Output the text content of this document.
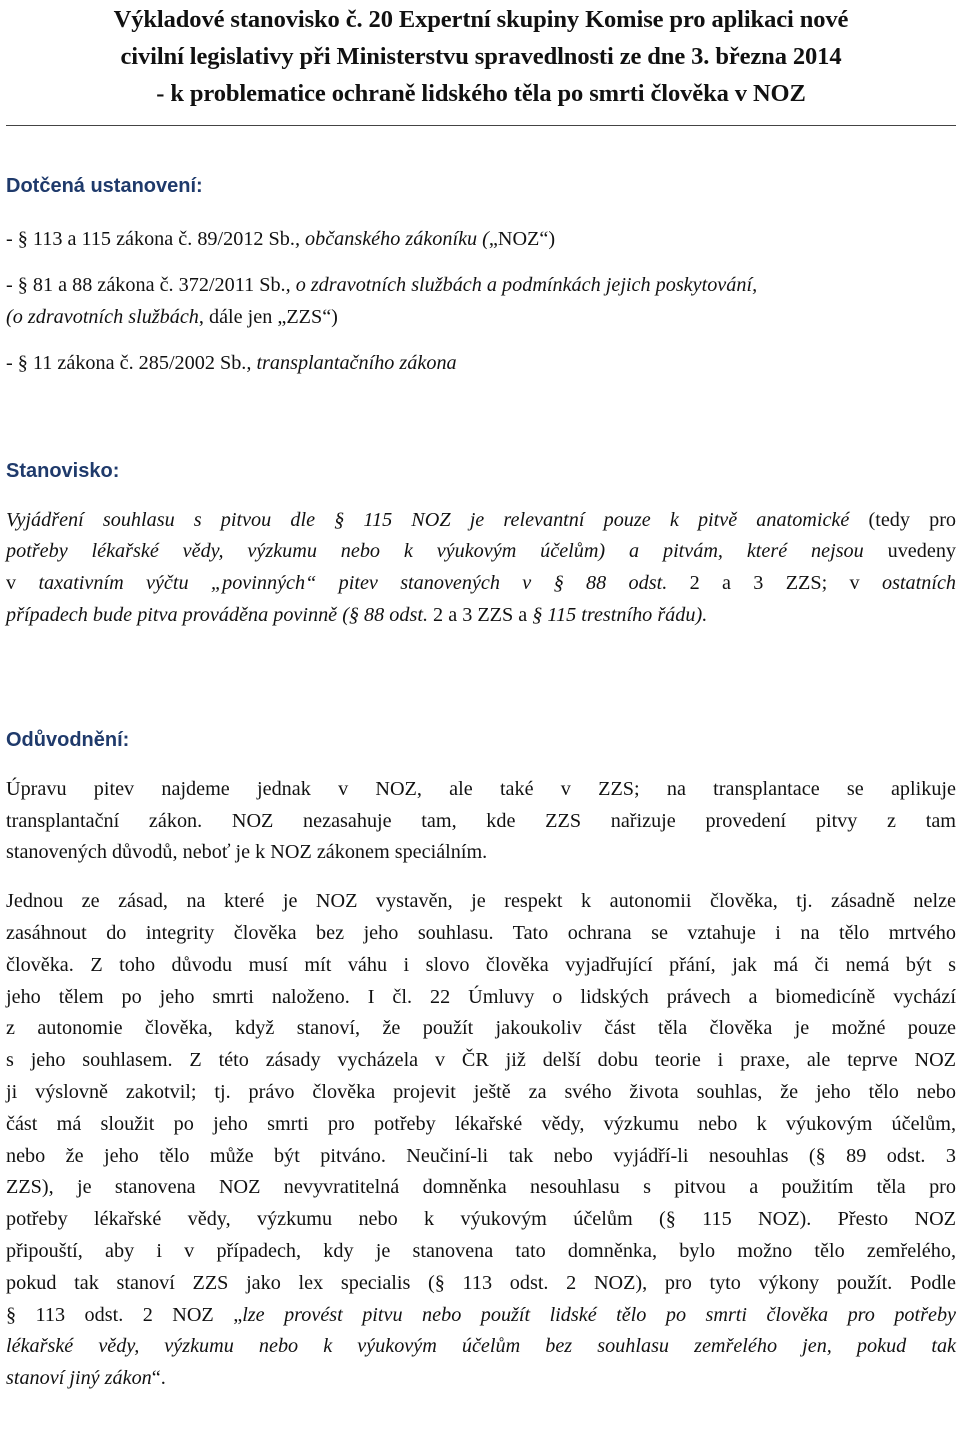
Výkladové stanovisko č. 20 Expertní skupiny Komise pro aplikaci nové
civilní legislativy při Ministerstvu spravedlnosti ze dne 3. března 2014
- k problematice ochraně lidského těla po smrti člověka v NOZ
Dotčená ustanovení:

- § 113 a 115 zákona č. 89/2012 Sb., občanského zákoníku („NOZ“)

- § 81 a 88 zákona č. 372/2011 Sb., o zdravotních službách a podmínkách jejich poskytování,
(o zdravotních službách, dále jen „ZZS“)

- § 11 zákona č. 285/2002 Sb., transplantačního zákona

Stanovisko:

Vyjádření souhlasu s pitvou dle § 115 NOZ je relevantní pouze k pitvě anatomické (tedy pro
potřeby lékařské vědy, výzkumu nebo k výukovým účelům) a pitvám, které nejsou uvedeny
v taxativním výčtu „povinných“ pitev stanovených v § 88 odst. 2 a 3 ZZS; v ostatních
případech bude pitva prováděna povinně (§ 88 odst. 2 a 3 ZZS a § 115 trestního řádu).

Odůvodnění:

Úpravu pitev najdeme jednak v NOZ, ale také v ZZS; na transplantace se aplikuje
transplantační zákon. NOZ nezasahuje tam, kde ZZS nařizuje provedení pitvy z tam
stanovených důvodů, neboť je k NOZ zákonem speciálním.

Jednou ze zásad, na které je NOZ vystavěn, je respekt k autonomii člověka, tj. zásadně nelze
zasáhnout do integrity člověka bez jeho souhlasu. Tato ochrana se vztahuje i na tělo mrtvého
člověka. Z toho důvodu musí mít váhu i slovo člověka vyjadřující přání, jak má či nemá být s
jeho tělem po jeho smrti naloženo. I čl. 22 Úmluvy o lidských právech a biomedicíně vychází
z autonomie člověka, když stanoví, že použít jakoukoliv část těla člověka je možné pouze
s jeho souhlasem. Z této zásady vycházela v ČR již delší dobu teorie i praxe, ale teprve NOZ
ji výslovně zakotvil; tj. právo člověka projevit ještě za svého života souhlas, že jeho tělo nebo
část má sloužit po jeho smrti pro potřeby lékařské vědy, výzkumu nebo k výukovým účelům,
nebo že jeho tělo může být pitváno. Neučiní-li tak nebo vyjádří-li nesouhlas (§ 89 odst. 3
ZZS), je stanovena NOZ nevyvratitelná domněnka nesouhlasu s pitvou a použitím těla pro
potřeby lékařské vědy, výzkumu nebo k výukovým účelům (§ 115 NOZ). Přesto NOZ
připouští, aby i v případech, kdy je stanovena tato domněnka, bylo možno tělo zemřelého,
pokud tak stanoví ZZS jako lex specialis (§ 113 odst. 2 NOZ), pro tyto výkony použít. Podle
§ 113 odst. 2 NOZ „lze provést pitvu nebo použít lidské tělo po smrti člověka pro potřeby
lékařské vědy, výzkumu nebo k výukovým účelům bez souhlasu zemřelého jen, pokud tak
stanoví jiný zákon“.
